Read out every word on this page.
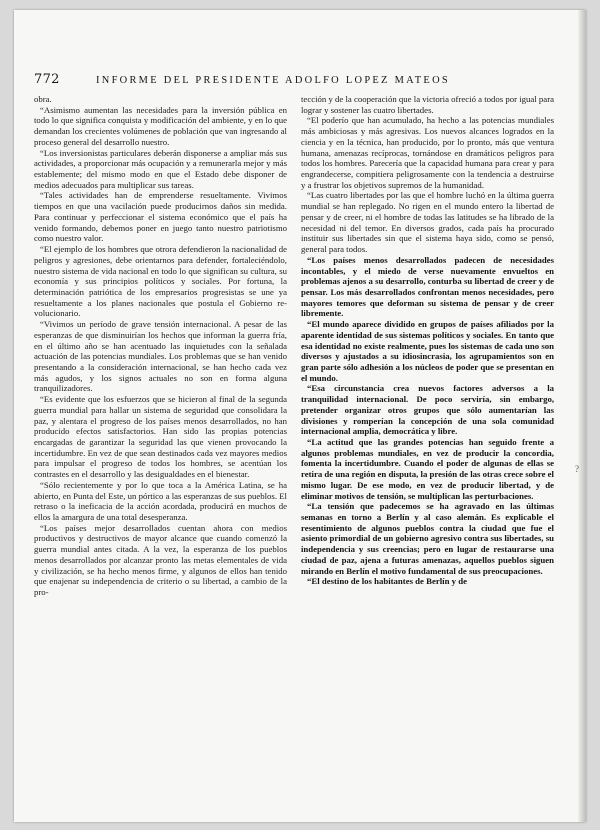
772	INFORME DEL PRESIDENTE ADOLFO LOPEZ MATEOS

obra.

“Asimismo aumentan las necesidades para la inversión pública en todo lo que significa conquista y modificación del ambiente, y en lo que demandan los crecientes volúmenes de población que van ingresando al proceso general del desarrollo nuestro.

“Los inversionistas particulares deberán disponerse a ampliar más sus actividades, a proporcionar más ocupación y a remunerarla mejor y más establemente; del mismo modo en que el Estado debe disponer de medios adecuados para multiplicar sus tareas.

“Tales actividades han de emprenderse resueltamente. Vivimos tiempos en que una vacilación puede producirnos daños sin medida. Para continuar y perfeccionar el sistema económico que el país ha venido formando, debemos poner en juego tanto nuestro patriotismo como nuestro valor.

“El ejemplo de los hombres que otrora defendieron la nacionalidad de peligros y agresiones, debe orientarnos para defender, fortaleciéndolo, nuestro sistema de vida nacional en todo lo que significan su cultura, su economía y sus principios políticos y sociales. Por fortuna, la determinación patriótica de los empresarios progresistas se une ya resueltamente a los planes nacionales que postula el Gobierno revolucionario.

“Vivimos un período de grave tensión internacional. A pesar de las esperanzas de que disminuirían los hechos que informan la guerra fría, en el último año se han acentuado las inquietudes con la señalada actuación de las potencias mundiales. Los problemas que se han venido presentando a la consideración internacional, se han hecho cada vez más agudos, y los signos actuales no son en forma alguna tranquilizadores.

“Es evidente que los esfuerzos que se hicieron al final de la segunda guerra mundial para hallar un sistema de seguridad que consolidara la paz, y alentara el progreso de los países menos desarrollados, no han producido efectos satisfactorios. Han sido las propias potencias encargadas de garantizar la seguridad las que vienen provocando la incertidumbre. En vez de que sean destinados cada vez mayores medios para impulsar el progreso de todos los hombres, se acentúan los contrastes en el desarrollo y las desigualdades en el bienestar.

“Sólo recientemente y por lo que toca a la América Latina, se ha abierto, en Punta del Este, un pórtico a las esperanzas de sus pueblos. El retraso o la ineficacia de la acción acordada, producirá en muchos de ellos la amargura de una total desesperanza.

“Los países mejor desarrollados cuentan ahora con medios productivos y destructivos de mayor alcance que cuando comenzó la guerra mundial antes citada. A la vez, la esperanza de los pueblos menos desarrollados por alcanzar pronto las metas elementales de vida y civilización, se ha hecho menos firme, y algunos de ellos han tenido que enajenar su independencia de criterio o su libertad, a cambio de la pro-

tección y de la cooperación que la victoria ofreció a todos por igual para lograr y sostener las cuatro libertades.

“El poderío que han acumulado, ha hecho a las potencias mundiales más ambiciosas y más agresivas. Los nuevos alcances logrados en la ciencia y en la técnica, han producido, por lo pronto, más que ventura humana, amenazas recíprocas, tornándose en dramáticos peligros para todos los hombres. Parecería que la capacidad humana para crear y para engrandecerse, compitiera peligrosamente con la tendencia a destruirse y a frustrar los objetivos supremos de la humanidad.

“Las cuatro libertades por las que el hombre luchó en la última guerra mundial se han replegado. No rigen en el mundo entero la libertad de pensar y de creer, ni el hombre de todas las latitudes se ha librado de la necesidad ni del temor. En diversos grados, cada país ha procurado instituir sus libertades sin que el sistema haya sido, como se pensó, general para todos.

“Los países menos desarrollados padecen de necesidades incontables, y el miedo de verse nuevamente envueltos en problemas ajenos a su desarrollo, conturba su libertad de creer y de pensar. Los más desarrollados confrontan menos necesidades, pero mayores temores que deforman su sistema de pensar y de creer libremente.

“El mundo aparece dividido en grupos de países afiliados por la aparente identidad de sus sistemas políticos y sociales. En tanto que esa identidad no existe realmente, pues los sistemas de cada uno son diversos y ajustados a su idiosincrasia, los agrupamientos son en gran parte sólo adhesión a los núcleos de poder que se presentan en el mundo.

“Esa circunstancia crea nuevos factores adversos a la tranquilidad internacional. De poco serviría, sin embargo, pretender organizar otros grupos que sólo aumentarían las divisiones y romperían la concepción de una sola comunidad internacional amplia, democrática y libre.

“La actitud que las grandes potencias han seguido frente a algunos problemas mundiales, en vez de producir la concordia, fomenta la incertidumbre. Cuando el poder de algunas de ellas se retira de una región en disputa, la presión de las otras crece sobre el mismo lugar. De ese modo, en vez de producir libertad, y de eliminar motivos de tensión, se multiplican las perturbaciones.

“La tensión que padecemos se ha agravado en las últimas semanas en torno a Berlín y al caso alemán. Es explicable el resentimiento de algunos pueblos contra la ciudad que fue el asiento primordial de un gobierno agresivo contra sus libertades, su independencia y sus creencias; pero en lugar de restaurarse una ciudad de paz, ajena a futuras amenazas, aquellos pueblos siguen mirando en Berlín el motivo fundamental de sus preocupaciones.

“El destino de los habitantes de Berlín y de

?
